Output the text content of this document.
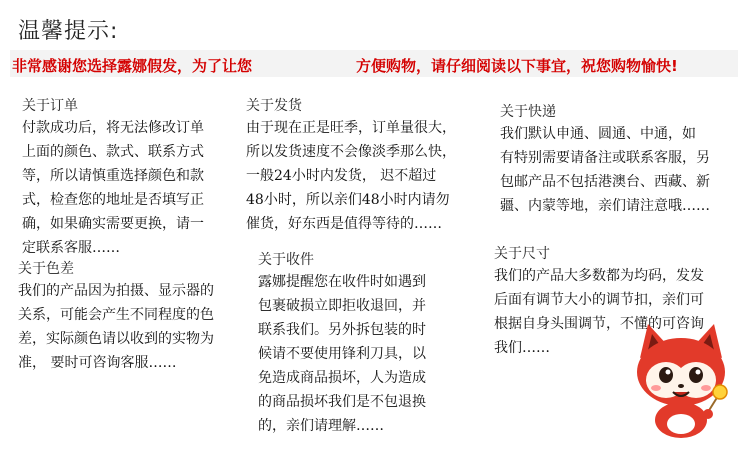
温馨提示:
非常感谢您选择露娜假发，为了让您	方便购物，请仔细阅读以下事宜，祝您购物愉快!
关于订单
付款成功后，将无法修改订单
上面的颜色、款式、联系方式
等，所以请慎重选择颜色和款
式，检查您的地址是否填写正
确，如果确实需要更换，请一
定联系客服……
关于发货
由于现在正是旺季，订单量很大，
所以发货速度不会像淡季那么快，
一般24小时内发货， 迟不超过
48小时，所以亲们48小时内请勿
催货，好东西是值得等待的……
关于快递
我们默认申通、圆通、中通，如
有特别需要请备注或联系客服，另
包邮产品不包括港澳台、西藏、新
疆、内蒙等地，亲们请注意哦……
关于色差
我们的产品因为拍摄、显示器的
关系，可能会产生不同程度的色
差，实际颜色请以收到的实物为
准， 要时可咨询客服……
关于收件
露娜提醒您在收件时如遇到
包裹破损立即拒收退回，并
联系我们。另外拆包装的时
候请不要使用锋利刀具，以
免造成商品损坏，人为造成
的商品损坏我们是不包退换
的，亲们请理解……
关于尺寸
我们的产品大多数都为均码，发发
后面有调节大小的调节扣，亲们可
根据自身头围调节，不懂的可咨询
我们……
